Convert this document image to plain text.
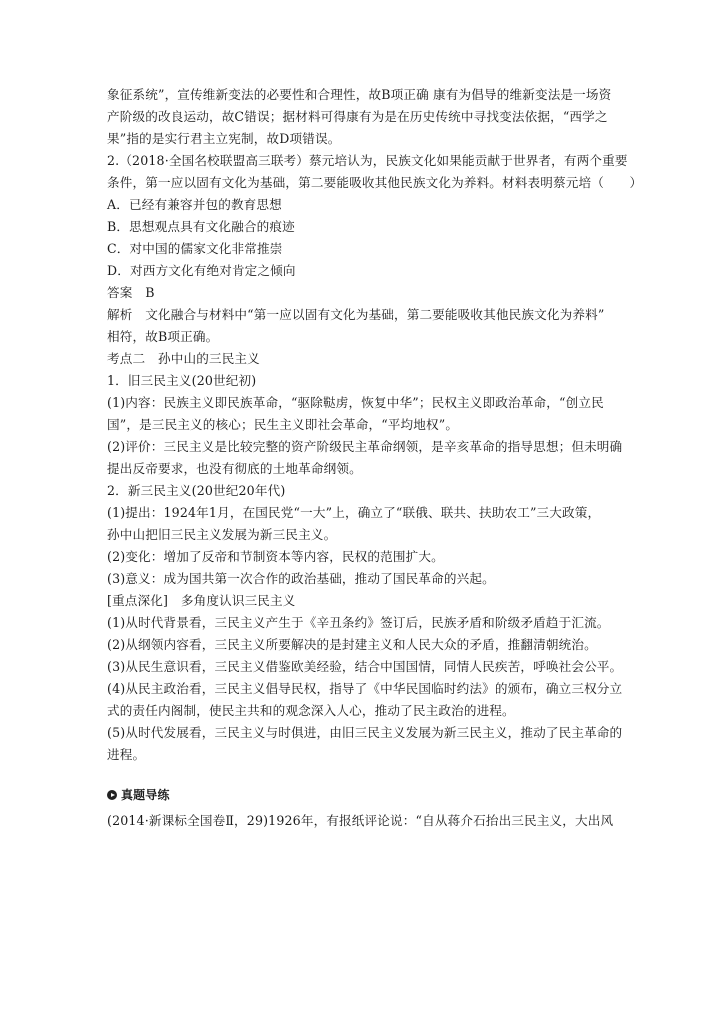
象征系统”，宣传维新变法的必要性和合理性，故B项正确 康有为倡导的维新变法是一场资
产阶级的改良运动，故C错误；据材料可得康有为是在历史传统中寻找变法依据，“西学之
果”指的是实行君主立宪制，故D项错误。
2.（2018·全国名校联盟高三联考）蔡元培认为，民族文化如果能贡献于世界者，有两个重要
条件，第一应以固有文化为基础，第二要能吸收其他民族文化为养料。材料表明蔡元培（　　）
A．已经有兼容并包的教育思想
B．思想观点具有文化融合的痕迹
C．对中国的儒家文化非常推崇
D．对西方文化有绝对肯定之倾向
答案　B
解析　文化融合与材料中“第一应以固有文化为基础，第二要能吸收其他民族文化为养料”
相符，故B项正确。
考点二　孙中山的三民主义
1．旧三民主义(20世纪初)
(1)内容：民族主义即民族革命，“驱除鞑虏，恢复中华”；民权主义即政治革命，“创立民
国”，是三民主义的核心；民生主义即社会革命，“平均地权”。
(2)评价：三民主义是比较完整的资产阶级民主革命纲领，是辛亥革命的指导思想；但未明确
提出反帝要求，也没有彻底的土地革命纲领。
2．新三民主义(20世纪20年代)
(1)提出：1924年1月，在国民党“一大”上，确立了“联俄、联共、扶助农工”三大政策，
孙中山把旧三民主义发展为新三民主义。
(2)变化：增加了反帝和节制资本等内容，民权的范围扩大。
(3)意义：成为国共第一次合作的政治基础，推动了国民革命的兴起。
[重点深化]　多角度认识三民主义
(1)从时代背景看，三民主义产生于《辛丑条约》签订后，民族矛盾和阶级矛盾趋于汇流。
(2)从纲领内容看，三民主义所要解决的是封建主义和人民大众的矛盾，推翻清朝统治。
(3)从民生意识看，三民主义借鉴欧美经验，结合中国国情，同情人民疾苦，呼唤社会公平。
(4)从民主政治看，三民主义倡导民权，指导了《中华民国临时约法》的颁布，确立三权分立
式的责任内阁制，使民主共和的观念深入人心，推动了民主政治的进程。
(5)从时代发展看，三民主义与时俱进，由旧三民主义发展为新三民主义，推动了民主革命的
进程。
真题导练
(2014·新课标全国卷Ⅱ，29)1926年，有报纸评论说：“自从蒋介石抬出三民主义，大出风
